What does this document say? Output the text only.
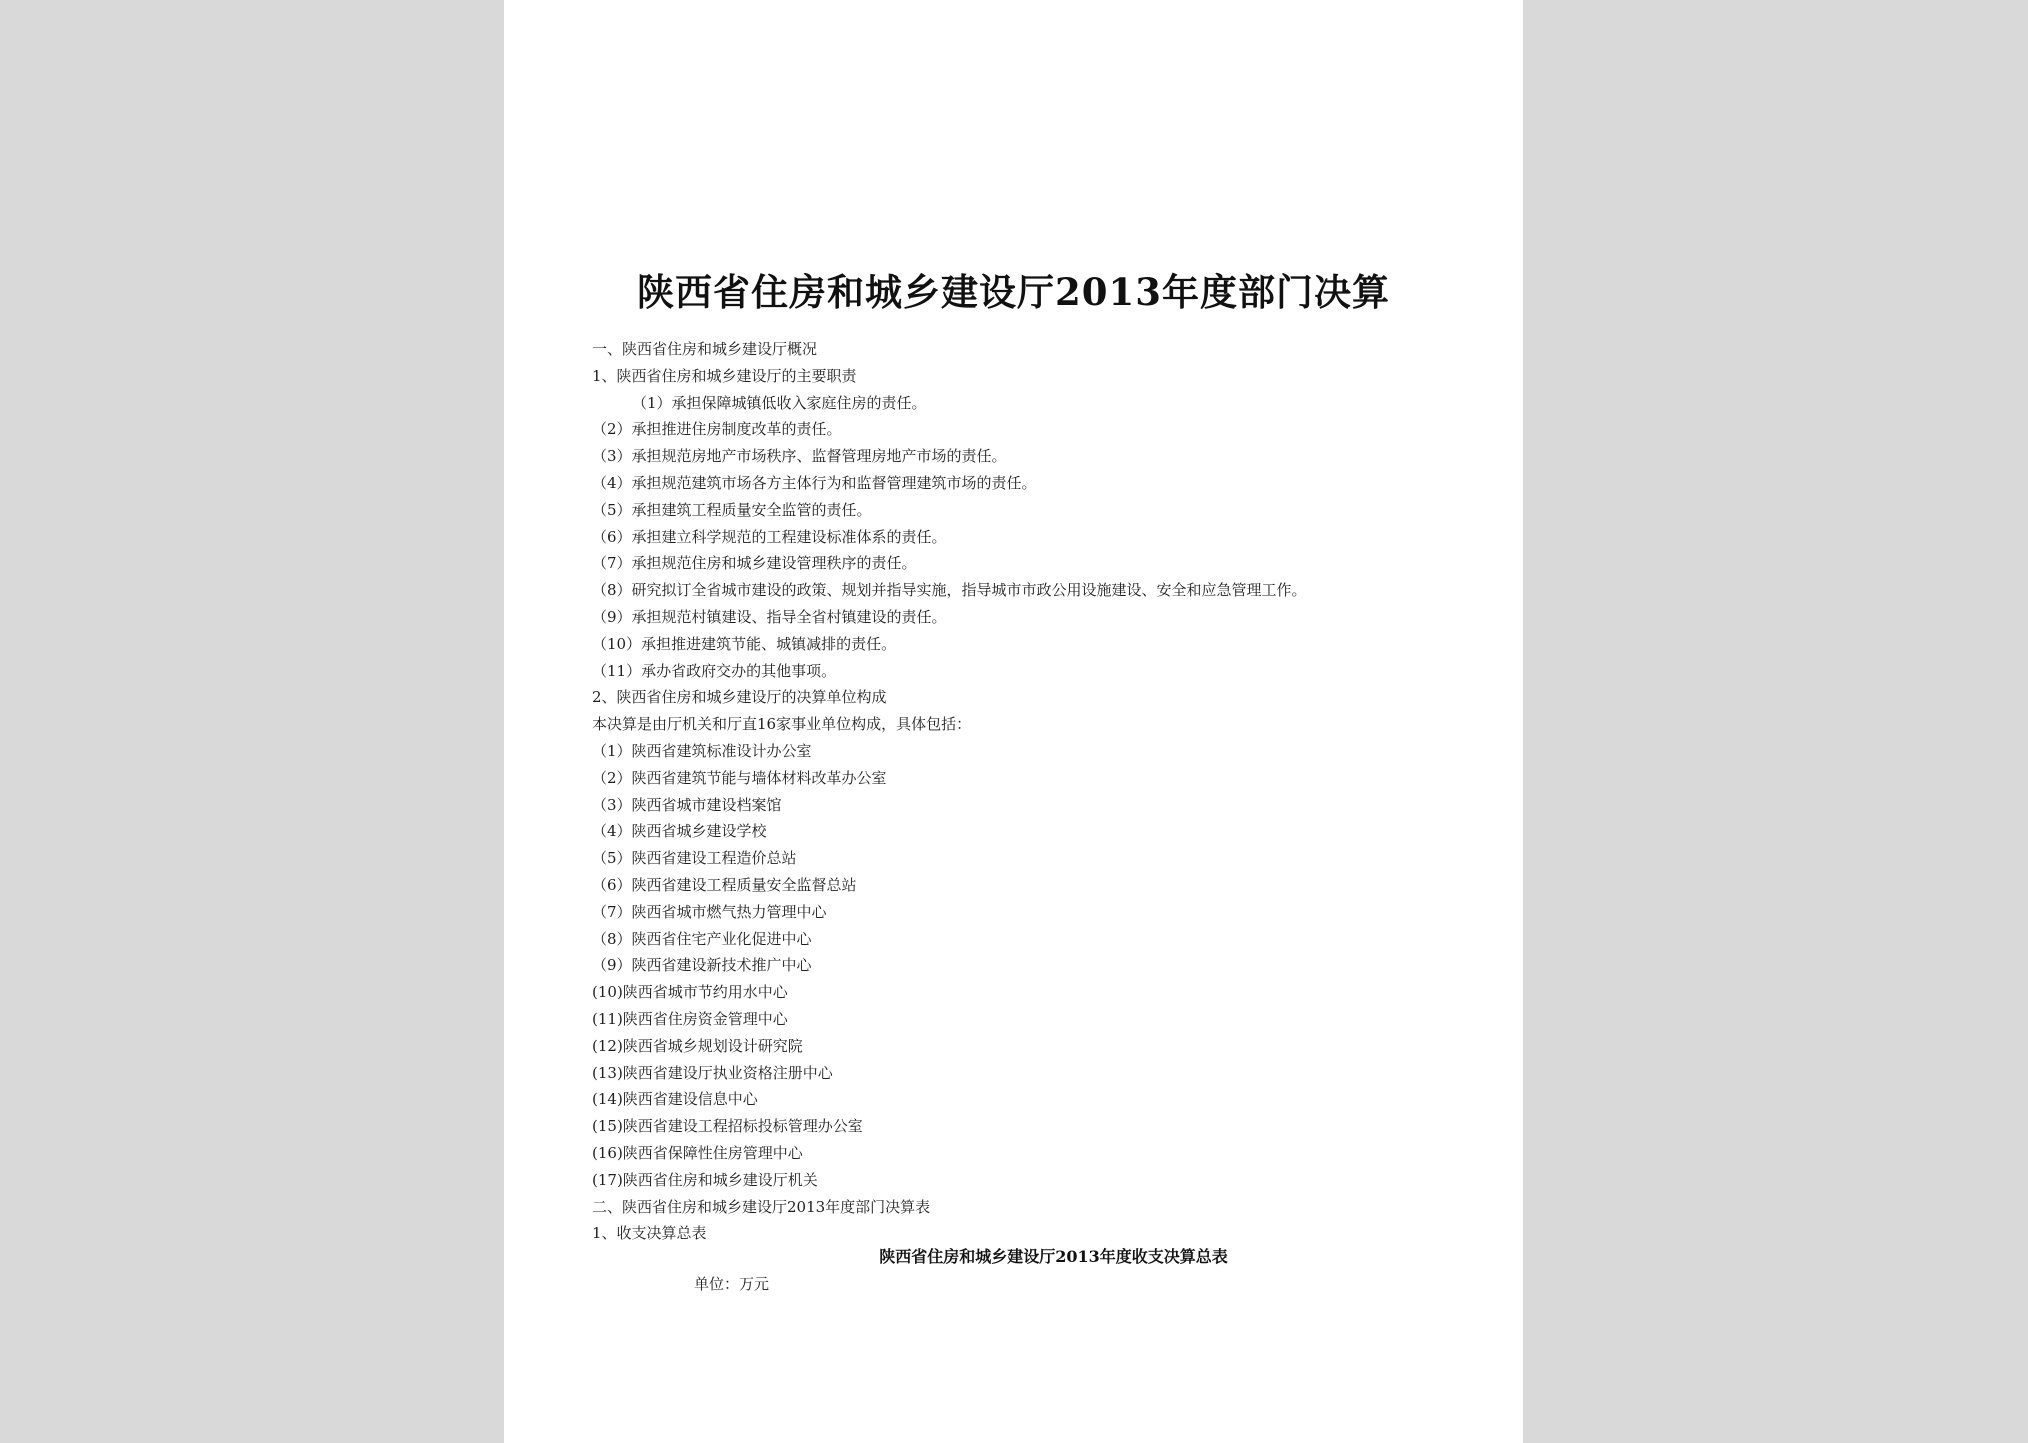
陕西省住房和城乡建设厅2013年度部门决算
一、陕西省住房和城乡建设厅概况
1、陕西省住房和城乡建设厅的主要职责
（1）承担保障城镇低收入家庭住房的责任。
（2）承担推进住房制度改革的责任。
（3）承担规范房地产市场秩序、监督管理房地产市场的责任。
（4）承担规范建筑市场各方主体行为和监督管理建筑市场的责任。
（5）承担建筑工程质量安全监管的责任。
（6）承担建立科学规范的工程建设标准体系的责任。
（7）承担规范住房和城乡建设管理秩序的责任。
（8）研究拟订全省城市建设的政策、规划并指导实施，指导城市市政公用设施建设、安全和应急管理工作。
（9）承担规范村镇建设、指导全省村镇建设的责任。
（10）承担推进建筑节能、城镇减排的责任。
（11）承办省政府交办的其他事项。
2、陕西省住房和城乡建设厅的决算单位构成
本决算是由厅机关和厅直16家事业单位构成，具体包括：
（1）陕西省建筑标准设计办公室
（2）陕西省建筑节能与墙体材料改革办公室
（3）陕西省城市建设档案馆
（4）陕西省城乡建设学校
（5）陕西省建设工程造价总站
（6）陕西省建设工程质量安全监督总站
（7）陕西省城市燃气热力管理中心
（8）陕西省住宅产业化促进中心
（9）陕西省建设新技术推广中心
(10)陕西省城市节约用水中心
(11)陕西省住房资金管理中心
(12)陕西省城乡规划设计研究院
(13)陕西省建设厅执业资格注册中心
(14)陕西省建设信息中心
(15)陕西省建设工程招标投标管理办公室
(16)陕西省保障性住房管理中心
(17)陕西省住房和城乡建设厅机关
二、陕西省住房和城乡建设厅2013年度部门决算表
1、收支决算总表
陕西省住房和城乡建设厅2013年度收支决算总表
单位：万元
